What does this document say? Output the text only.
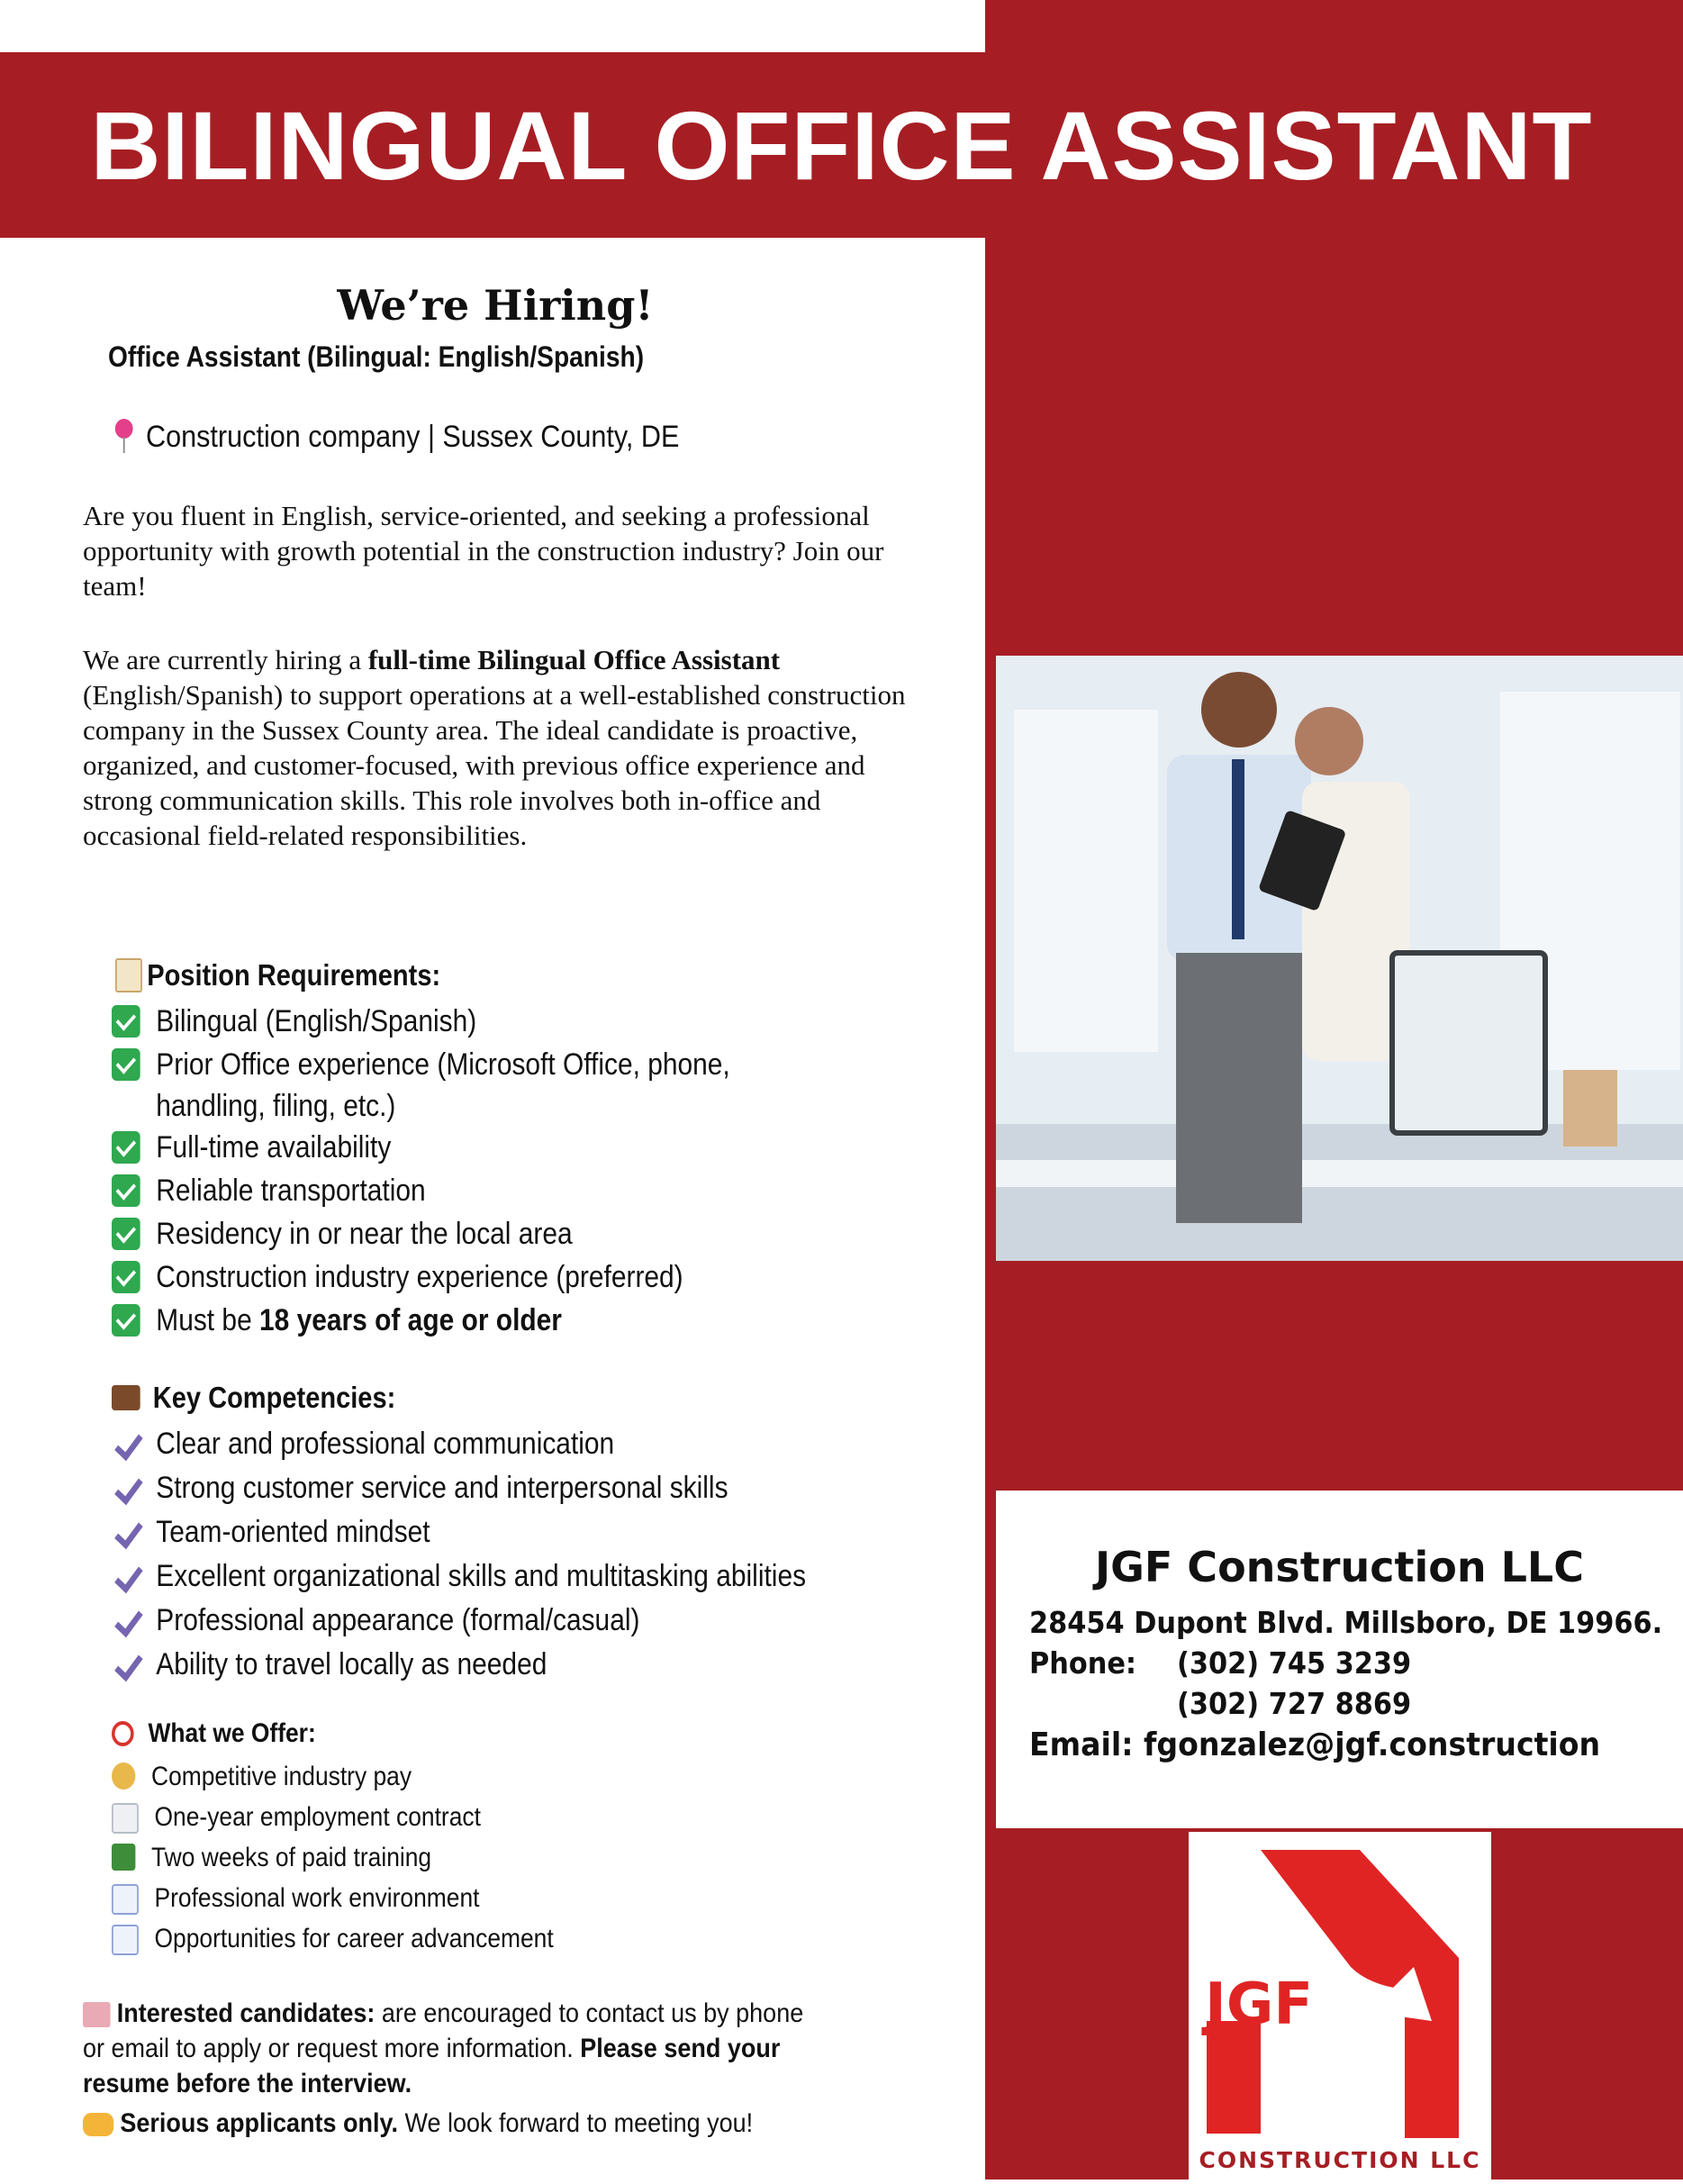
BILINGUAL OFFICE ASSISTANT
JGF Construction LLC
28454 Dupont Blvd. Millsboro, DE 19966.
Phone: (302) 745 3239
(302) 727 8869
Email: fgonzalez@jgf.construction
JGF
CONSTRUCTION LLC
We’re Hiring!
Office Assistant (Bilingual: English/Spanish)
Construction company | Sussex County, DE
Are you fluent in English, service-oriented, and seeking a professional opportunity with growth potential in the construction industry? Join our team!
We are currently hiring a full-time Bilingual Office Assistant (English/Spanish) to support operations at a well-established construction company in the Sussex County area. The ideal candidate is proactive, organized, and customer-focused, with previous office experience and strong communication skills. This role involves both in-office and occasional field-related responsibilities.
Position Requirements:
Bilingual (English/Spanish)
Prior Office experience (Microsoft Office, phone,
handling, filing, etc.)
Full-time availability
Reliable transportation
Residency in or near the local area
Construction industry experience (preferred)
Must be 18 years of age or older
Key Competencies:
Clear and professional communication
Strong customer service and interpersonal skills
Team-oriented mindset
Excellent organizational skills and multitasking abilities
Professional appearance (formal/casual)
Ability to travel locally as needed
What we Offer:
Competitive industry pay
One-year employment contract
Two weeks of paid training
Professional work environment
Opportunities for career advancement
Interested candidates: are encouraged to contact us by phone or email to apply or request more information. Please send your resume before the interview.
Serious applicants only. We look forward to meeting you!
